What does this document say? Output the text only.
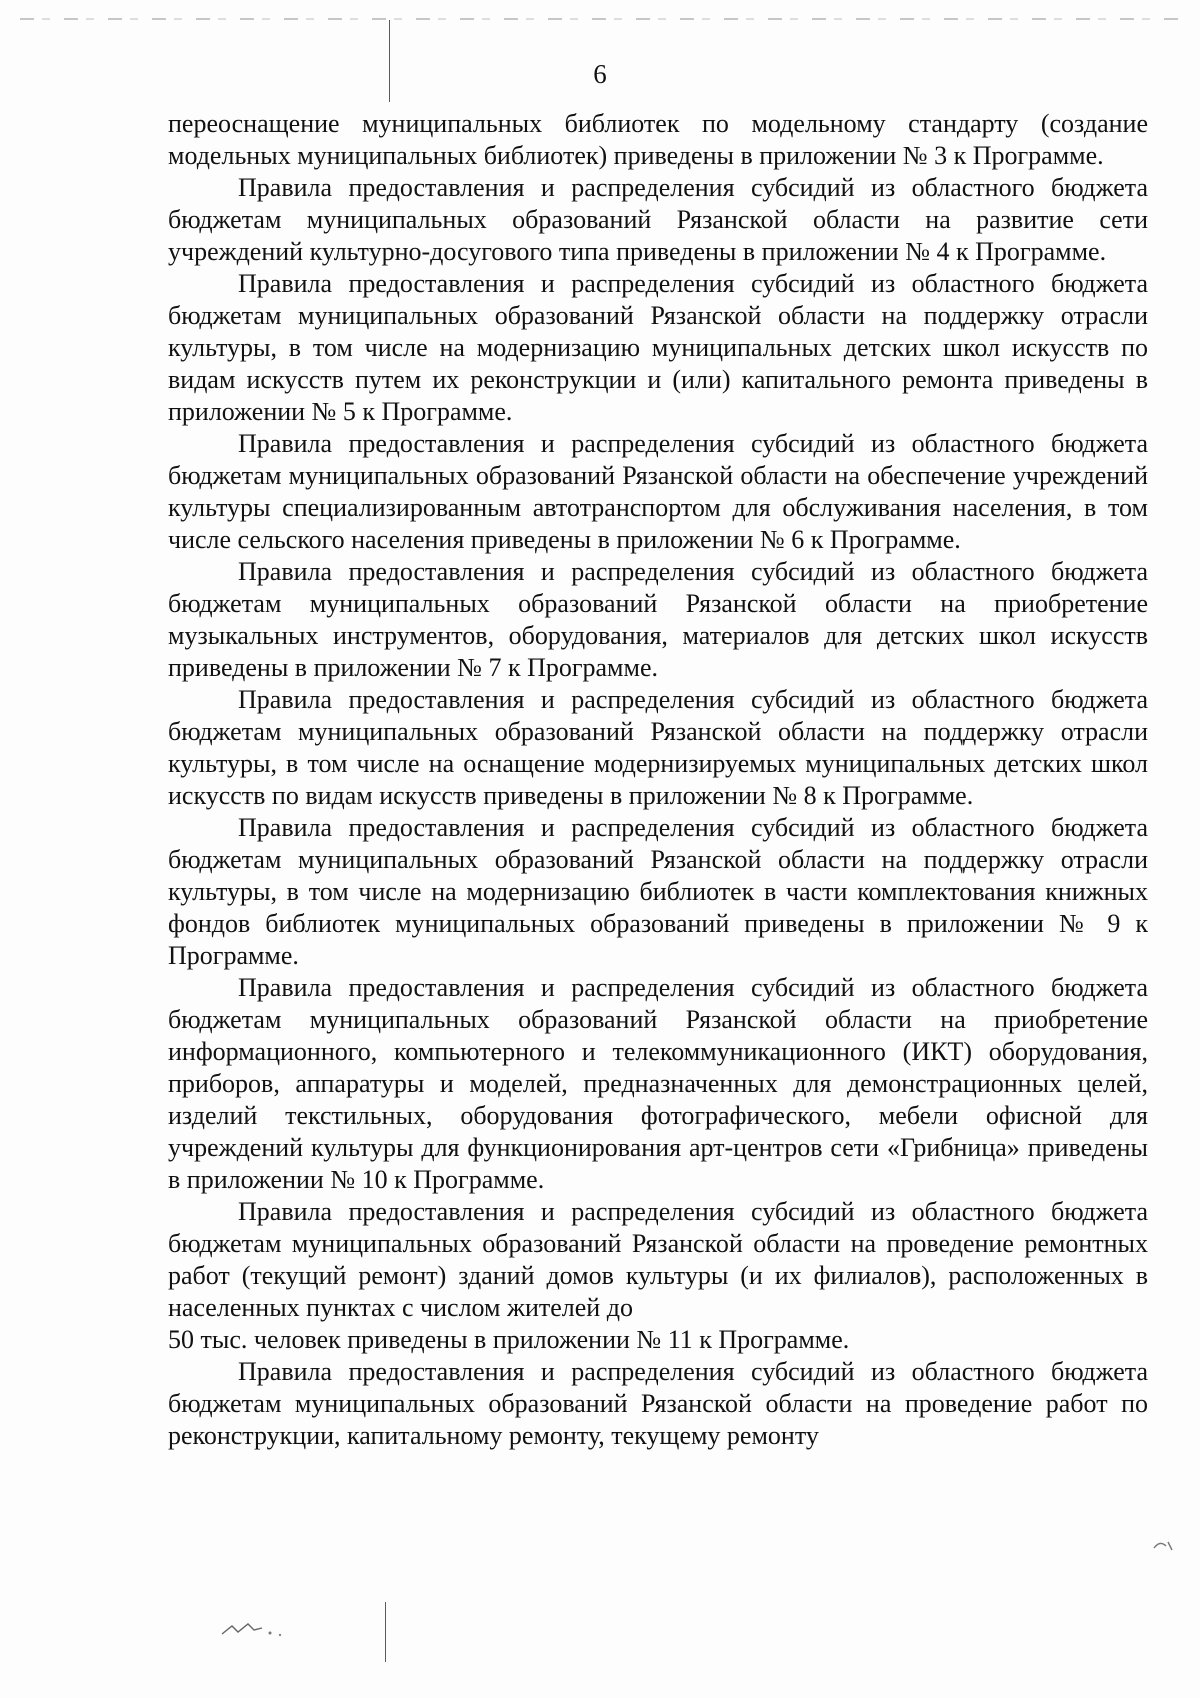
6

переоснащение муниципальных библиотек по модельному стандарту (создание модельных муниципальных библиотек) приведены в приложении № 3 к Программе.

Правила предоставления и распределения субсидий из областного бюджета бюджетам муниципальных образований Рязанской области на развитие сети учреждений культурно-досугового типа приведены в приложении № 4 к Программе.

Правила предоставления и распределения субсидий из областного бюджета бюджетам муниципальных образований Рязанской области на поддержку отрасли культуры, в том числе на модернизацию муниципальных детских школ искусств по видам искусств путем их реконструкции и (или) капитального ремонта приведены в приложении № 5 к Программе.

Правила предоставления и распределения субсидий из областного бюджета бюджетам муниципальных образований Рязанской области на обеспечение учреждений культуры специализированным автотранспортом для обслуживания населения, в том числе сельского населения приведены в приложении № 6 к Программе.

Правила предоставления и распределения субсидий из областного бюджета бюджетам муниципальных образований Рязанской области на приобретение музыкальных инструментов, оборудования, материалов для детских школ искусств приведены в приложении № 7 к Программе.

Правила предоставления и распределения субсидий из областного бюджета бюджетам муниципальных образований Рязанской области на поддержку отрасли культуры, в том числе на оснащение модернизируемых муниципальных детских школ искусств по видам искусств приведены в приложении № 8 к Программе.

Правила предоставления и распределения субсидий из областного бюджета бюджетам муниципальных образований Рязанской области на поддержку отрасли культуры, в том числе на модернизацию библиотек в части комплектования книжных фондов библиотек муниципальных образований приведены в приложении № 9 к Программе.

Правила предоставления и распределения субсидий из областного бюджета бюджетам муниципальных образований Рязанской области на приобретение информационного, компьютерного и телекоммуникационного (ИКТ) оборудования, приборов, аппаратуры и моделей, предназначенных для демонстрационных целей, изделий текстильных, оборудования фотографического, мебели офисной для учреждений культуры для функционирования арт-центров сети «Грибница» приведены в приложении № 10 к Программе.

Правила предоставления и распределения субсидий из областного бюджета бюджетам муниципальных образований Рязанской области на проведение ремонтных работ (текущий ремонт) зданий домов культуры (и их филиалов), расположенных в населенных пунктах с числом жителей до

50 тыс. человек приведены в приложении № 11 к Программе.

Правила предоставления и распределения субсидий из областного бюджета бюджетам муниципальных образований Рязанской области на проведение работ по реконструкции, капитальному ремонту, текущему ремонту
